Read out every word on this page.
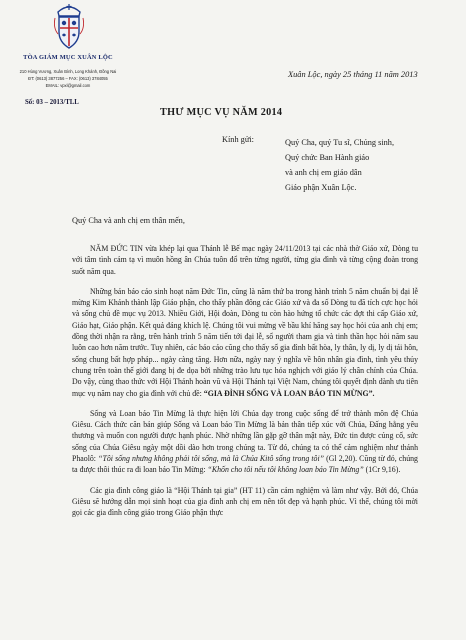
TÒA GIÁM MỤC XUÂN LỘC
210 Hùng Vương, Xuân Bình, Long Khánh, Đồng Nai
ĐT: (0613) 3877256 – FAX: (0613) 3784055
EMAIL: vpxl@gmail.com
Số: 03 – 2013/TLL
Xuân Lộc, ngày 25 tháng 11 năm 2013
THƯ MỤC VỤ NĂM 2014
Kính gửi:	Quý Cha, quý Tu sĩ, Chủng sinh,
Quý chức Ban Hành giáo
và anh chị em giáo dân
Giáo phận Xuân Lộc.
Quý Cha và anh chị em thân mến,

NĂM ĐỨC TIN vừa khép lại qua Thánh lễ Bế mạc ngày 24/11/2013 tại các nhà thờ Giáo xứ, Dòng tu với tâm tình cảm tạ vì muôn hồng ân Chúa tuôn đổ trên từng người, từng gia đình và từng cộng đoàn trong suốt năm qua.

Những bản báo cáo sinh hoạt năm Đức Tin, cũng là năm thứ ba trong hành trình 5 năm chuẩn bị đại lễ mừng Kim Khánh thành lập Giáo phận, cho thấy phần đông các Giáo xứ và đa số Dòng tu đã tích cực học hỏi và sống chủ đề mục vụ 2013. Nhiều Giới, Hội đoàn, Dòng tu còn hào hứng tổ chức các đợt thi cấp Giáo xứ, Giáo hạt, Giáo phận. Kết quả đáng khích lệ. Chúng tôi vui mừng về bầu khí hăng say học hỏi của anh chị em; đồng thời nhận ra rằng, trên hành trình 5 năm tiến tới đại lễ, sổ người tham gia và tinh thần học hỏi năm sau luôn cao hơn năm trước. Tuy nhiên, các báo cáo cũng cho thấy số gia đình bất hòa, ly thân, ly dị, ly dị tái hôn, sống chung bất hợp pháp... ngày càng tăng. Hơn nữa, ngày nay ý nghĩa về hôn nhân gia đình, tình yêu thủy chung trên toàn thế giới đang bị đe dọa bởi những trào lưu tục hóa nghịch với giáo lý chân chính của Chúa. Do vậy, cùng thao thức với Hội Thánh hoàn vũ và Hội Thánh tại Việt Nam, chúng tôi quyết định dành ưu tiên mục vụ năm nay cho gia đình với chủ đề: “GIA ĐÌNH SỐNG VÀ LOAN BÁO TIN MỪNG”.

Sống và Loan báo Tin Mừng là thực hiện lời Chúa dạy trong cuộc sống để trở thành môn đệ Chúa Giêsu. Cách thức căn bản giúp Sống và Loan báo Tin Mừng là bản thân tiếp xúc với Chúa, Đấng hằng yêu thương và muốn con người được hạnh phúc. Nhờ những lần gặp gỡ thân mật này, Đức tin được củng cố, sức sống của Chúa Giêsu ngày một dồi dào hơn trong chúng ta. Từ đó, chúng ta có thể cảm nghiệm như thánh Phaolô: “Tôi sống nhưng không phải tôi sống, mà là Chúa Kitô sống trong tôi” (Gl 2,20). Cũng từ đó, chúng ta được thôi thúc ra đi loan báo Tin Mừng: “Khốn cho tôi nếu tôi không loan báo Tin Mừng” (1Cr 9,16).

Các gia đình công giáo là “Hội Thánh tại gia” (HT 11) cần cảm nghiệm và làm như vậy. Bởi đó, Chúa Giêsu sẽ hướng dẫn mọi sinh hoạt của gia đình anh chị em nên tốt đẹp và hạnh phúc. Vì thế, chúng tôi mời gọi các gia đình công giáo trong Giáo phận thực
